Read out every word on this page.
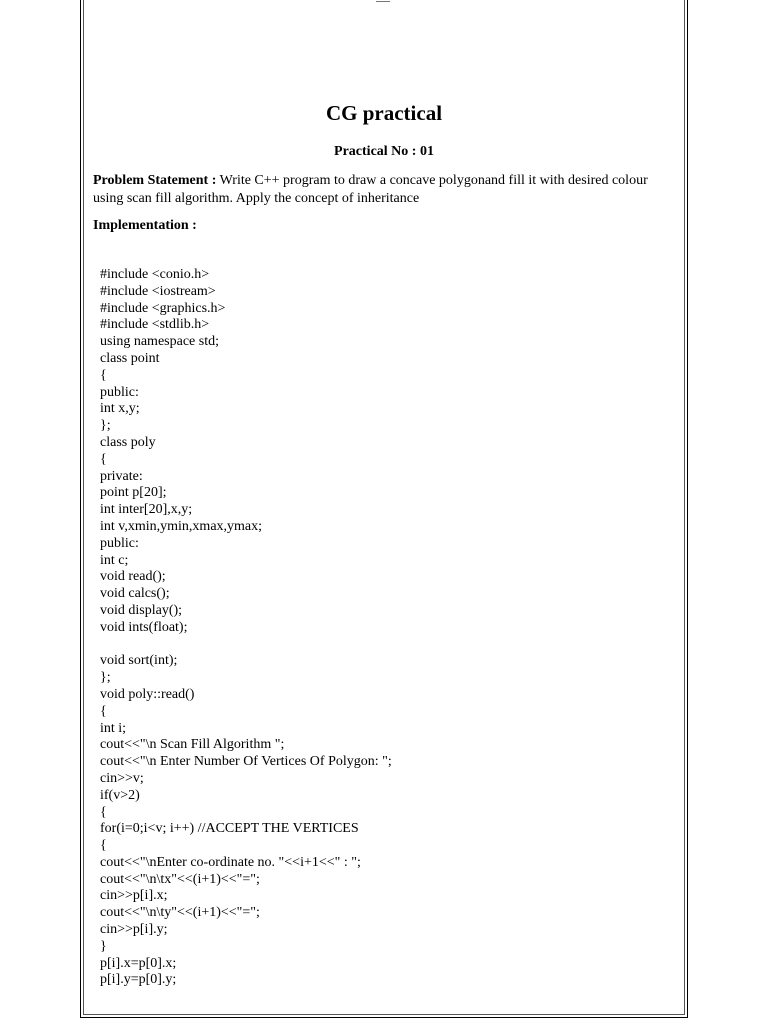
CG practical
Practical No : 01
Problem Statement : Write C++ program to draw a concave polygonand fill it with desired colour using scan fill algorithm. Apply the concept of inheritance
Implementation :
#include <conio.h>
#include <iostream>
#include <graphics.h>
#include <stdlib.h>
using namespace std;
class point
{
public:
int x,y;
};
class poly
{
private:
point p[20];
int inter[20],x,y;
int v,xmin,ymin,xmax,ymax;
public:
int c;
void read();
void calcs();
void display();
void ints(float);
void sort(int);
};
void poly::read()
{
int i;
cout<<"\n Scan Fill Algorithm ";
cout<<"\n Enter Number Of Vertices Of Polygon: ";
cin>>v;
if(v>2)
{
for(i=0;i<v; i++) //ACCEPT THE VERTICES
{
cout<<"\nEnter co-ordinate no. "<<i+1<<" : ";
cout<<"\n\tx"<<(i+1)<<"=";
cin>>p[i].x;
cout<<"\n\ty"<<(i+1)<<"=";
cin>>p[i].y;
}
p[i].x=p[0].x;
p[i].y=p[0].y;
